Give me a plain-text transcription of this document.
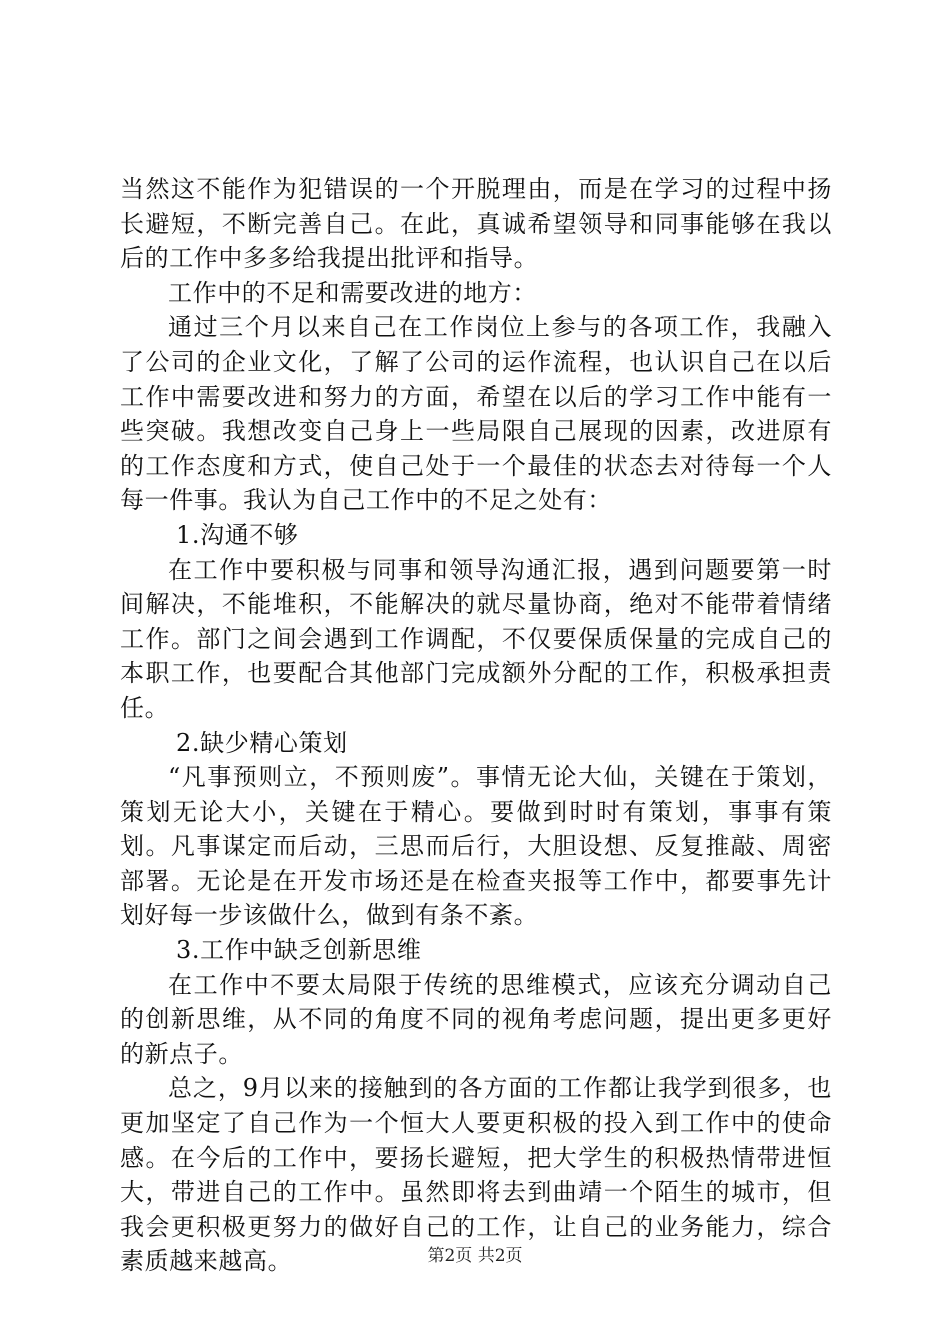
当然这不能作为犯错误的一个开脱理由，而是在学习的过程中扬长避短，不断完善自己。在此，真诚希望领导和同事能够在我以后的工作中多多给我提出批评和指导。

工作中的不足和需要改进的地方：

通过三个月以来自己在工作岗位上参与的各项工作，我融入了公司的企业文化，了解了公司的运作流程，也认识自己在以后工作中需要改进和努力的方面，希望在以后的学习工作中能有一些突破。我想改变自己身上一些局限自己展现的因素，改进原有的工作态度和方式，使自己处于一个最佳的状态去对待每一个人每一件事。我认为自己工作中的不足之处有：

1.沟通不够

在工作中要积极与同事和领导沟通汇报，遇到问题要第一时间解决，不能堆积，不能解决的就尽量协商，绝对不能带着情绪工作。部门之间会遇到工作调配，不仅要保质保量的完成自己的本职工作，也要配合其他部门完成额外分配的工作，积极承担责任。

2.缺少精心策划

“凡事预则立，不预则废”。事情无论大仙，关键在于策划，策划无论大小，关键在于精心。要做到时时有策划，事事有策划。凡事谋定而后动，三思而后行，大胆设想、反复推敲、周密部署。无论是在开发市场还是在检查夹报等工作中，都要事先计划好每一步该做什么，做到有条不紊。

3.工作中缺乏创新思维

在工作中不要太局限于传统的思维模式，应该充分调动自己的创新思维，从不同的角度不同的视角考虑问题，提出更多更好的新点子。

总之，9月以来的接触到的各方面的工作都让我学到很多，也更加坚定了自己作为一个恒大人要更积极的投入到工作中的使命感。在今后的工作中，要扬长避短，把大学生的积极热情带进恒大，带进自己的工作中。虽然即将去到曲靖一个陌生的城市，但我会更积极更努力的做好自己的工作，让自己的业务能力，综合素质越来越高。	第2页 共2页
